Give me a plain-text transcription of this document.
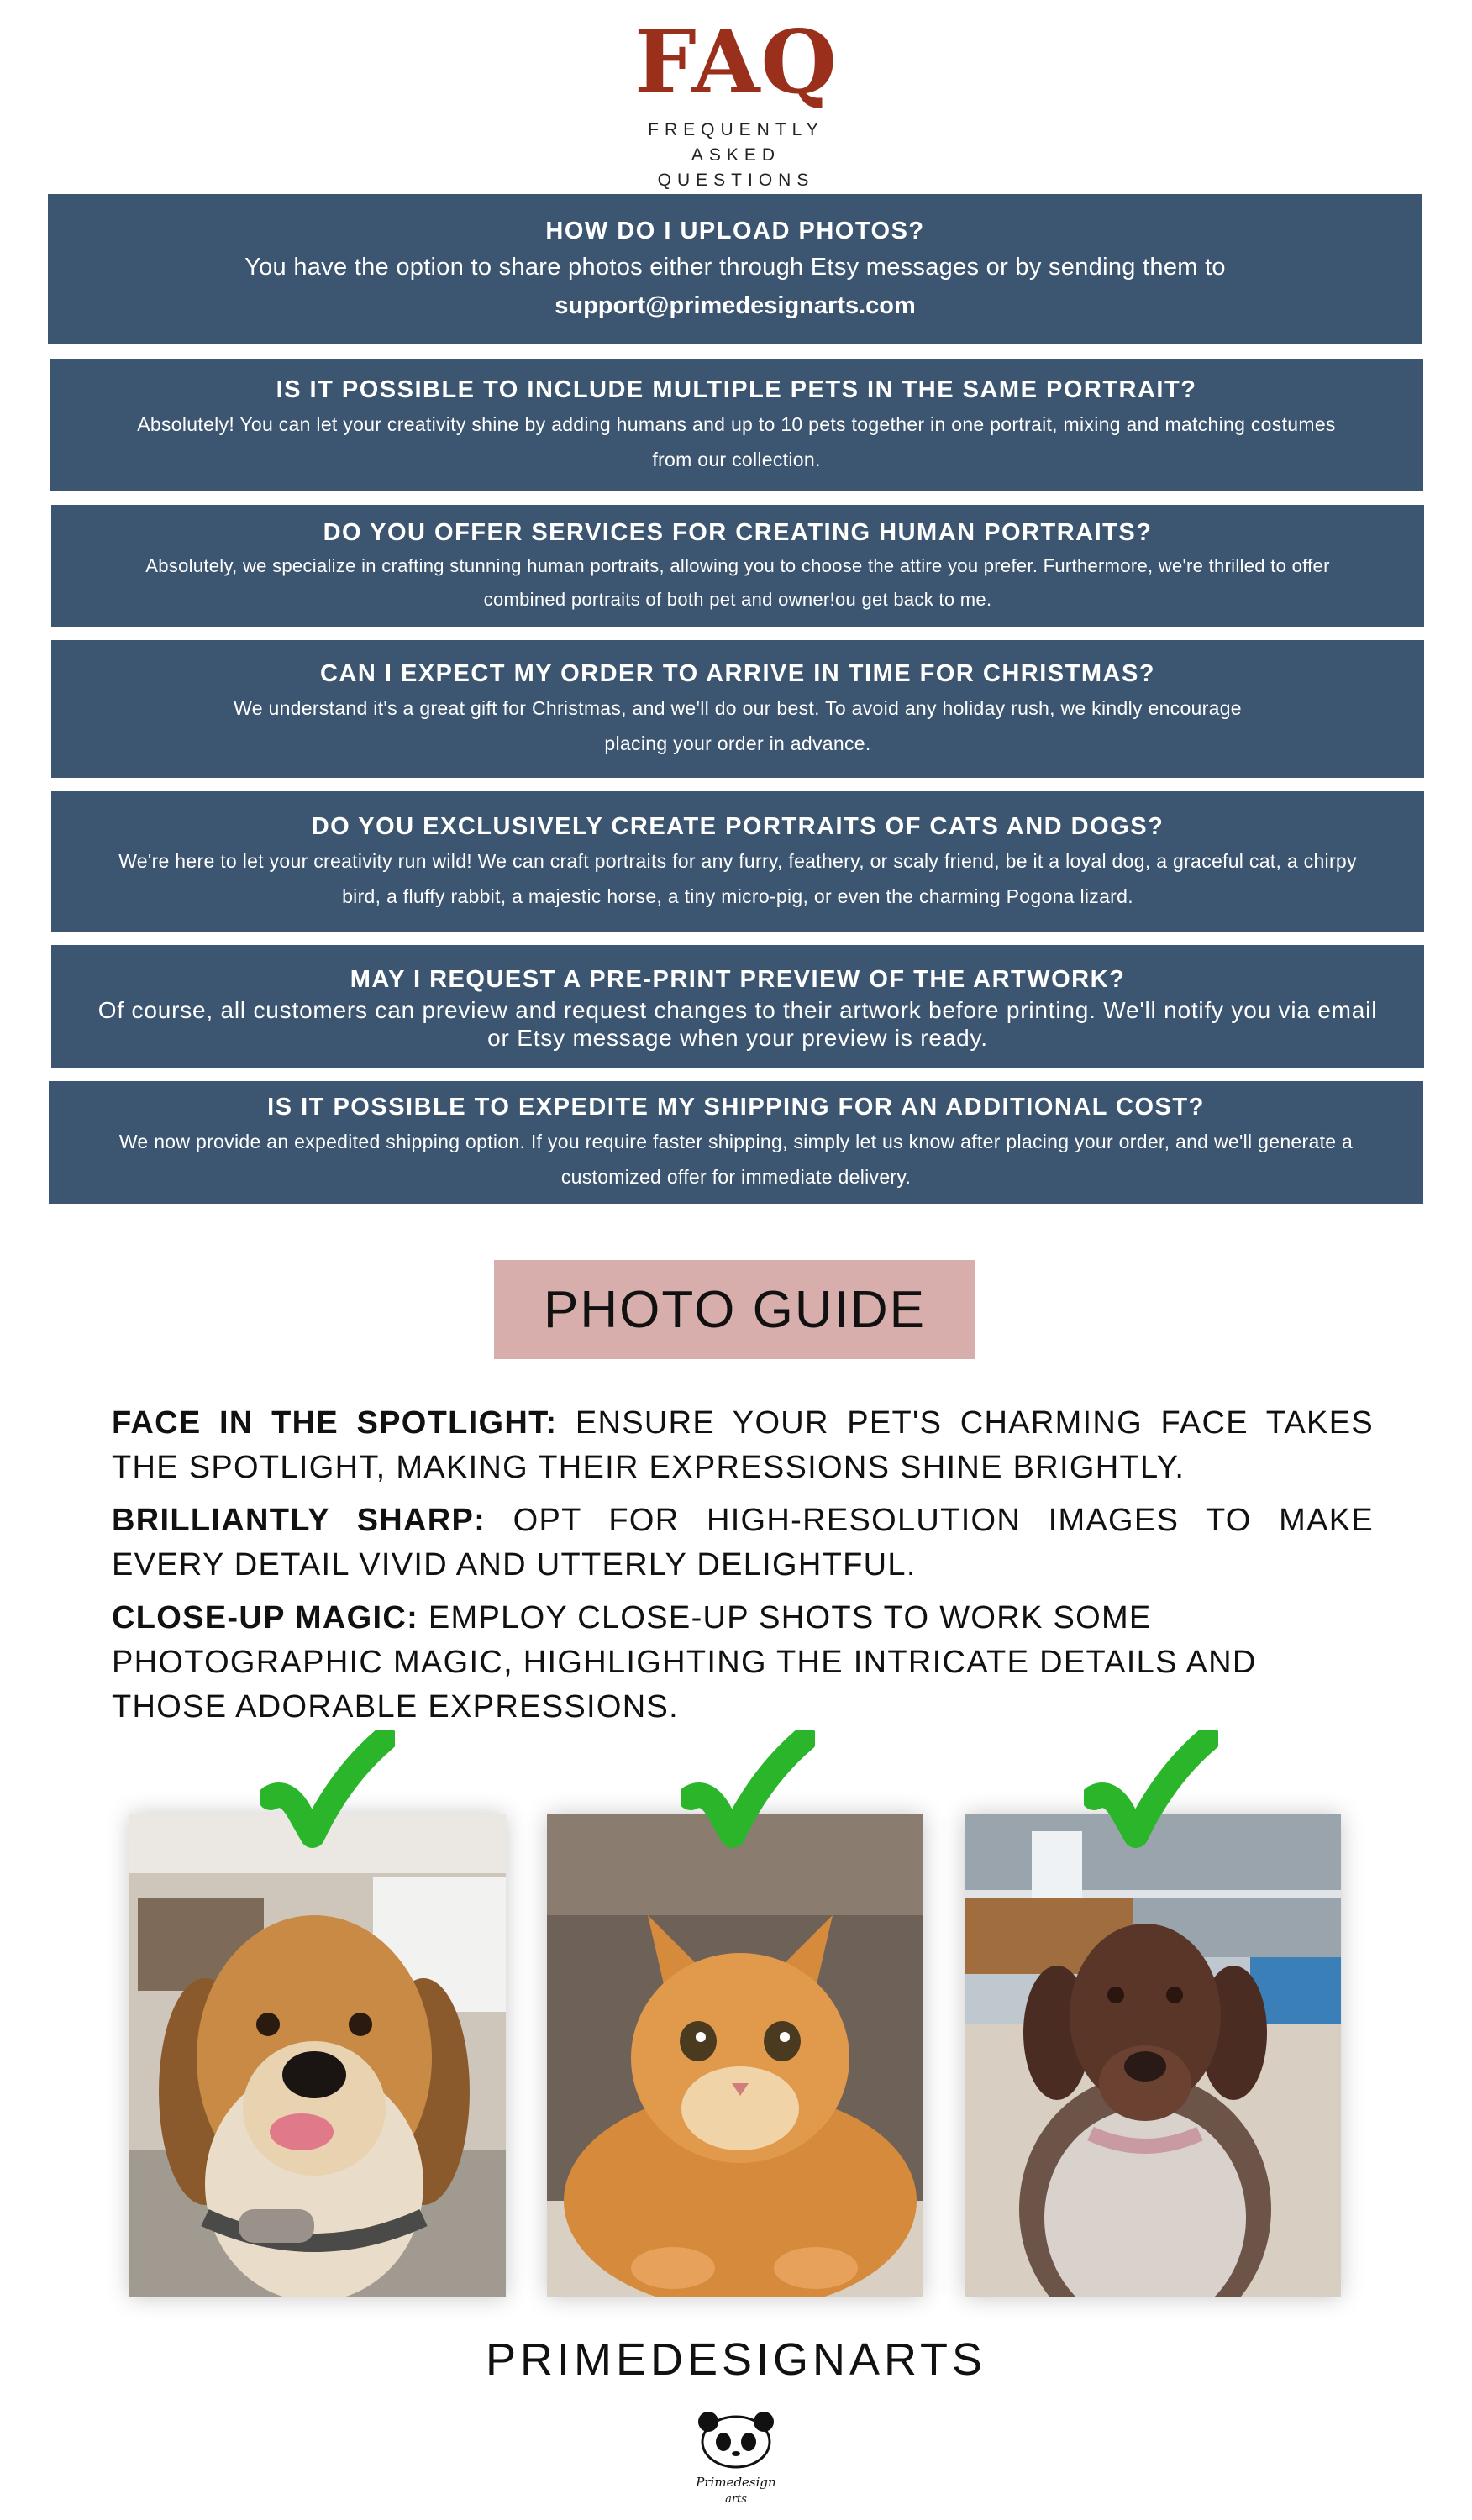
FAQ
FREQUENTLY ASKED QUESTIONS
HOW DO I UPLOAD PHOTOS?
You have the option to share photos either through Etsy messages or by sending them to
support@primedesignarts.com
IS IT POSSIBLE TO INCLUDE MULTIPLE PETS IN THE SAME PORTRAIT?
Absolutely! You can let your creativity shine by adding humans and up to 10 pets together in one portrait, mixing and matching costumes from our collection.
DO YOU OFFER SERVICES FOR CREATING HUMAN PORTRAITS?
Absolutely, we specialize in crafting stunning human portraits, allowing you to choose the attire you prefer. Furthermore, we're thrilled to offer combined portraits of both pet and owner!ou get back to me.
CAN I EXPECT MY ORDER TO ARRIVE IN TIME FOR CHRISTMAS?
We understand it's a great gift for Christmas, and we'll do our best. To avoid any holiday rush, we kindly encourage placing your order in advance.
DO YOU EXCLUSIVELY CREATE PORTRAITS OF CATS AND DOGS?
We're here to let your creativity run wild! We can craft portraits for any furry, feathery, or scaly friend, be it a loyal dog, a graceful cat, a chirpy bird, a fluffy rabbit, a majestic horse, a tiny micro-pig, or even the charming Pogona lizard.
MAY I REQUEST A PRE-PRINT PREVIEW OF THE ARTWORK?
Of course, all customers can preview and request changes to their artwork before printing. We'll notify you via email or Etsy message when your preview is ready.
IS IT POSSIBLE TO EXPEDITE MY SHIPPING FOR AN ADDITIONAL COST?
We now provide an expedited shipping option. If you require faster shipping, simply let us know after placing your order, and we'll generate a customized offer for immediate delivery.
PHOTO GUIDE
FACE IN THE SPOTLIGHT: ENSURE YOUR PET'S CHARMING FACE TAKES THE SPOTLIGHT, MAKING THEIR EXPRESSIONS SHINE BRIGHTLY.
BRILLIANTLY SHARP: OPT FOR HIGH-RESOLUTION IMAGES TO MAKE EVERY DETAIL VIVID AND UTTERLY DELIGHTFUL.
CLOSE-UP MAGIC: EMPLOY CLOSE-UP SHOTS TO WORK SOME PHOTOGRAPHIC MAGIC, HIGHLIGHTING THE INTRICATE DETAILS AND THOSE ADORABLE EXPRESSIONS.
PRIMEDESIGNARTS
Primedesign
arts
